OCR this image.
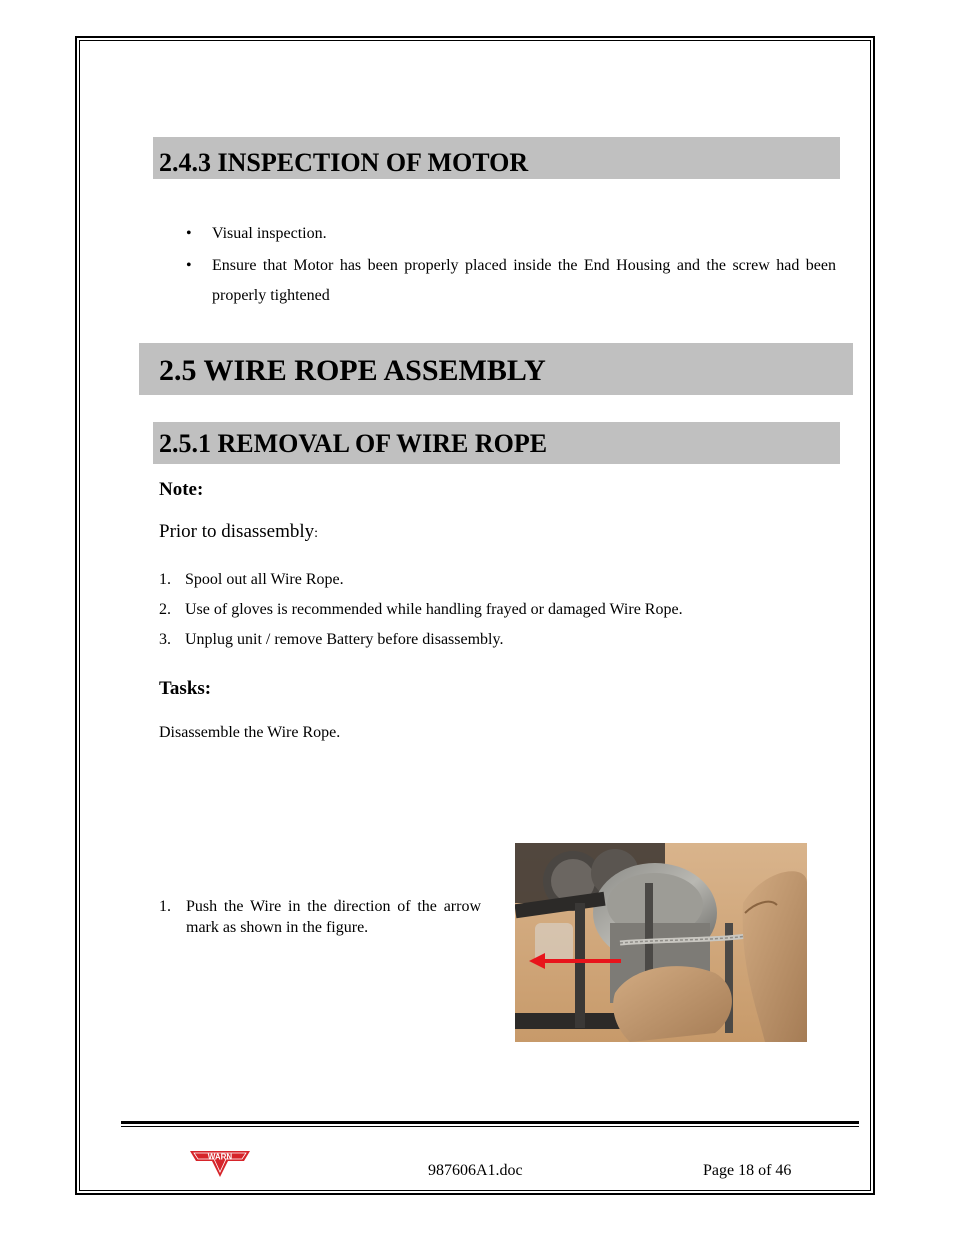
2.4.3 INSPECTION OF MOTOR
• Visual inspection.
• Ensure that Motor has been properly placed inside the End Housing and the screw had been properly tightened
2.5 WIRE ROPE ASSEMBLY
2.5.1 REMOVAL OF WIRE ROPE
Note:
Prior to disassembly:
1. Spool out all Wire Rope.
2. Use of gloves is recommended while handling frayed or damaged Wire Rope.
3. Unplug unit / remove Battery before disassembly.
Tasks:
Disassemble the Wire Rope.
1. Push the Wire in the direction of the arrow mark as shown in the figure.
WARN
987606A1.doc	Page 18 of 46
